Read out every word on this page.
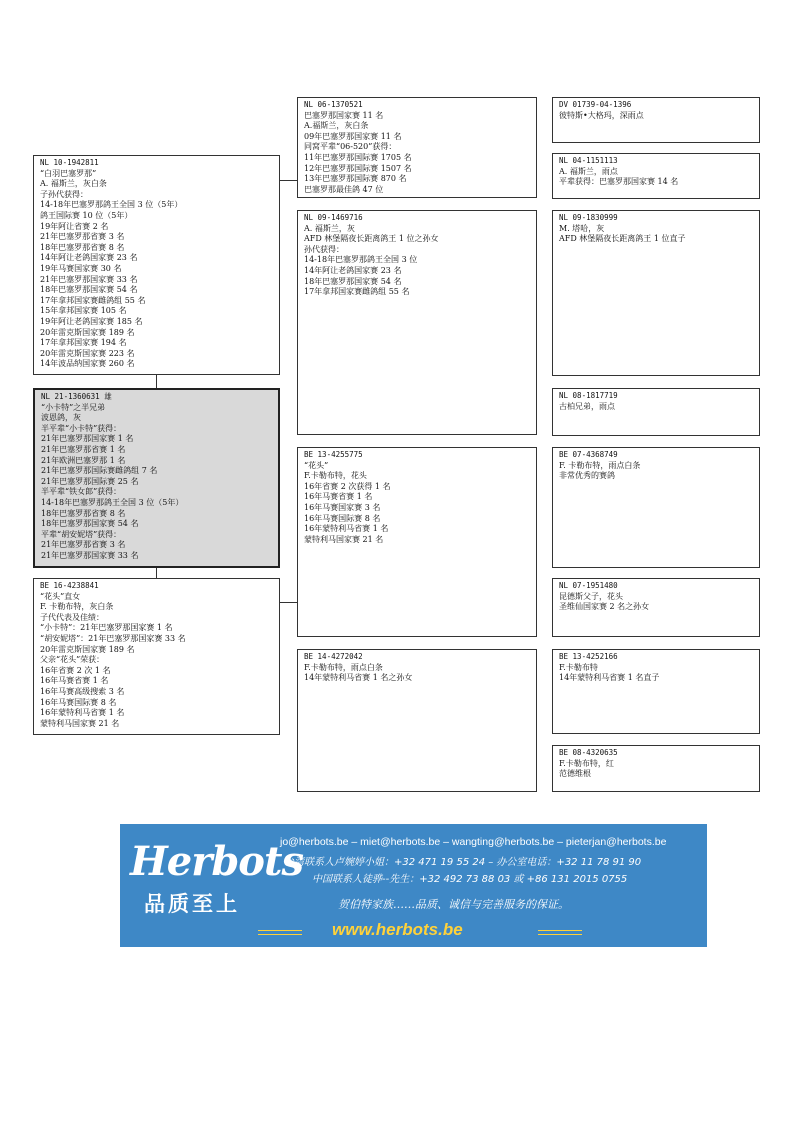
NL 21-1360631 雄
“小卡特”之半兄弟
波恩鸽，灰
半平辈“小卡特”获得：
21年巴塞罗那国家赛 1 名
21年巴塞罗那省赛 1 名
21年欧洲巴塞罗那 1 名
21年巴塞罗那国际赛雌鸽组 7 名
21年巴塞罗那国际赛 25 名
半平辈“铁女郎”获得：
14-18年巴塞罗那鸽王全国 3 位（5年）
18年巴塞罗那省赛 8 名
18年巴塞罗那国家赛 54 名
平辈“胡安妮塔”获得：
21年巴塞罗那省赛 3 名
21年巴塞罗那国家赛 33 名
NL 10-1942811
“白羽巴塞罗那”
A. 福斯兰，灰白条
子孙代获得：
14-18年巴塞罗那鸽王全国 3 位（5年）
鸽王国际赛 10 位（5年）
19年阿让省赛 2 名
21年巴塞罗那省赛 3 名
18年巴塞罗那省赛 8 名
14年阿让老鸽国家赛 23 名
19年马赛国家赛 30 名
21年巴塞罗那国家赛 33 名
18年巴塞罗那国家赛 54 名
17年拿邦国家赛雌鸽组 55 名
15年拿邦国家赛 105 名
19年阿让老鸽国家赛 185 名
20年雷克斯国家赛 189 名
17年拿邦国家赛 194 名
20年雷克斯国家赛 223 名
14年波品纳国家赛 260 名
BE 16-4238841
“花头”直女
F. 卡勒布特，灰白条
子代代表及佳绩：
“小卡特”：21年巴塞罗那国家赛 1 名
“胡安妮塔”：21年巴塞罗那国家赛 33 名
20年雷克斯国家赛 189 名
父亲“花头”荣获：
16年省赛 2 次 1 名
16年马赛省赛 1 名
16年马赛高级搜索 3 名
16年马赛国际赛 8 名
16年蒙特利马省赛 1 名
蒙特利马国家赛 21 名
NL 06-1370521
巴塞罗那国家赛 11 名
A.福斯兰，灰白条
09年巴塞罗那国家赛 11 名
同窝平辈“06-520”获得：
11年巴塞罗那国际赛 1705 名
12年巴塞罗那国际赛 1507 名
13年巴塞罗那国际赛 870 名
巴塞罗那最佳鸽 47 位
NL 09-1469716
A. 福斯兰，灰
AFD 林堡隔夜长距离鸽王 1 位之孙女
孙代获得：
14-18年巴塞罗那鸽王全国 3 位
14年阿让老鸽国家赛 23 名
18年巴塞罗那国家赛 54 名
17年拿邦国家赛雌鸽组 55 名
BE 13-4255775
“花头”
F.卡勒布特，花头
16年省赛 2 次获得 1 名
16年马赛省赛 1 名
16年马赛国家赛 3 名
16年马赛国际赛 8 名
16年蒙特利马省赛 1 名
蒙特利马国家赛 21 名
BE 14-4272042
F.卡勒布特，雨点白条
14年蒙特利马省赛 1 名之孙女
DV 01739-04-1396
彼特斯•大格玛，深雨点
NL 04-1151113
A. 福斯兰，雨点
平辈获得：巴塞罗那国家赛 14 名
NL 09-1830999
M. 塔哈，灰
AFD 林堡隔夜长距离鸽王 1 位直子
NL 08-1817719
古柏兄弟，雨点
BE 07-4368749
F. 卡勒布特，雨点白条
非常优秀的赛鸽
NL 07-1951480
昆德斯父子，花头
圣维仙国家赛 2 名之孙女
BE 13-4252166
F.卡勒布特
14年蒙特利马省赛 1 名直子
BE 08-4320635
F.卡勒布特，红
范德维根
Herbots
品质至上
jo@herbots.be – miet@herbots.be – wangting@herbots.be – pieterjan@herbots.be
台湾联系人卢婉婷小姐：+32 471 19 55 24 – 办公室电话：+32 11 78 91 90
中国联系人徒骅--先生：+32 492 73 88 03 或 +86 131 2015 0755
贺伯特家族……品质、诚信与完善服务的保证。
www.herbots.be
